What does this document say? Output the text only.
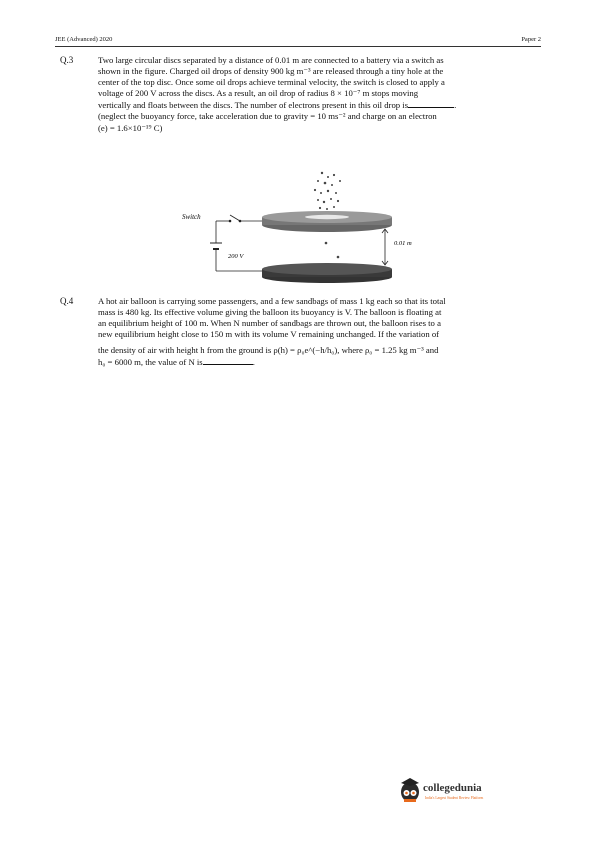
JEE (Advanced) 2020	Paper 2
Q.3	Two large circular discs separated by a distance of 0.01 m are connected to a battery via a switch as
shown in the figure. Charged oil drops of density 900 kg m⁻³ are released through a tiny hole at the
center of the top disc. Once some oil drops achieve terminal velocity, the switch is closed to apply a
voltage of 200 V across the discs. As a result, an oil drop of radius 8 × 10⁻⁷ m stops moving
vertically and floats between the discs. The number of electrons present in this oil drop is	.
(neglect the buoyancy force, take acceleration due to gravity = 10 ms⁻² and charge on an electron
(e) = 1.6×10⁻¹⁹ C)
Switch
200 V
0.01 m
Q.4	A hot air balloon is carrying some passengers, and a few sandbags of mass 1 kg each so that its total
mass is 480 kg. Its effective volume giving the balloon its buoyancy is V. The balloon is floating at
an equilibrium height of 100 m. When N number of sandbags are thrown out, the balloon rises to a
new equilibrium height close to 150 m with its volume V remaining unchanged. If the variation of
the density of air with height h from the ground is ρ(h) = ρ₀e^(−h/h₀), where ρ₀ = 1.25 kg m⁻³ and
h₀ = 6000 m, the value of N is	.
collegedunia
India's Largest Student Review Platform
